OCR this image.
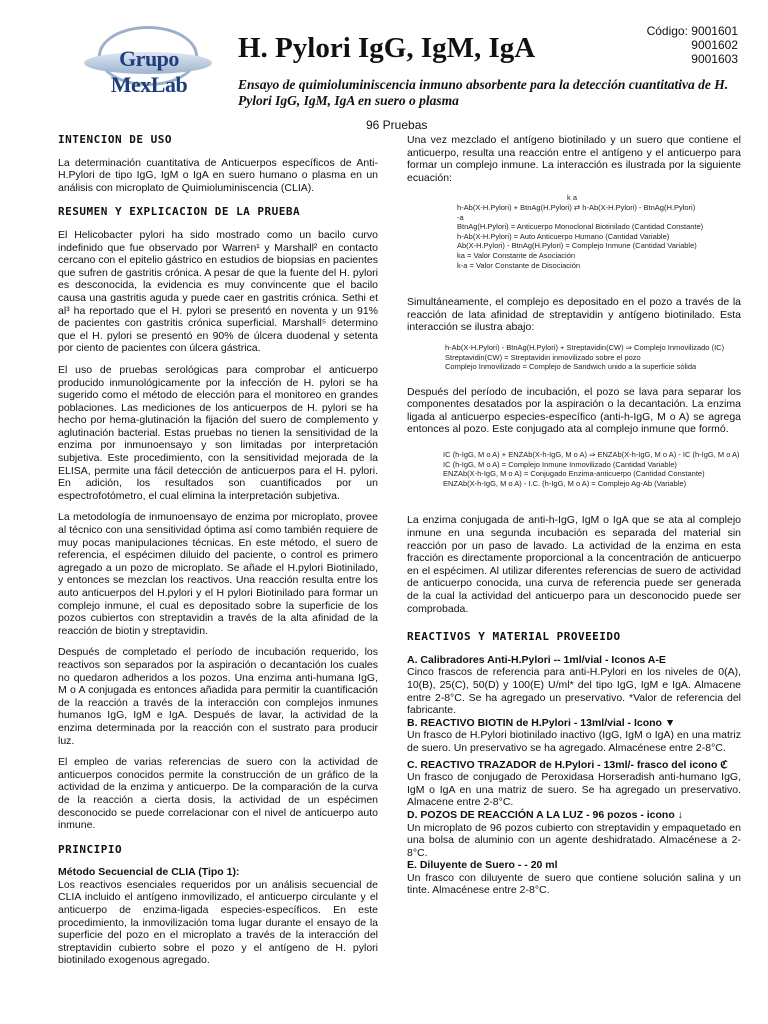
Grupo MexLab
H. Pylori IgG, IgM, IgA
Código: 9001601
9001602
9001603
Ensayo de quimioluminiscencia inmuno absorbente para la detección cuantitativa de H. Pylori IgG, IgM, IgA en suero o plasma
96 Pruebas
INTENCION DE USO

La determinación cuantitativa de Anticuerpos específicos de Anti-H.Pylori de tipo IgG, IgM o IgA en suero humano o plasma en un análisis con microplato de Quimioluminiscencia (CLIA).

RESUMEN Y EXPLICACION DE LA PRUEBA

El Helicobacter pylori ha sido mostrado como un bacilo curvo indefinido que fue observado por Warren¹ y Marshall² en contacto cercano con el epitelio gástrico en estudios de biopsias en pacientes que sufren de gastritis crónica. A pesar de que la fuente del H. pylori es desconocida, la evidencia es muy convincente que el bacilo causa una gastritis aguda y puede caer en gastritis crónica. Sethi et al³ ha reportado que el H. pylori se presentó en noventa y un 91% de pacientes con gastritis crónica superficial. Marshall⁵ determino que el H. pylori se presentó en 90% de úlcera duodenal y setenta por ciento de pacientes con úlcera gástrica.

El uso de pruebas serológicas para comprobar el anticuerpo producido inmunológicamente por la infección de H. pylori se ha sugerido como el método de elección para el monitoreo en grandes poblaciones. Las mediciones de los anticuerpos de H. pylori se ha hecho por hema-glutinación la fijación del suero de complemento y aglutinación bacterial. Estas pruebas no tienen la sensitividad de la enzima por inmunoensayo y son limitadas por interpretación subjetiva. Este procedimiento, con la sensitividad mejorada de la ELISA, permite una fácil detección de anticuerpos para el H. pylori. En adición, los resultados son cuantificados por un espectrofotómetro, el cual elimina la interpretación subjetiva.

La metodología de inmunoensayo de enzima por microplato, provee al técnico con una sensitividad óptima así como también requiere de muy pocas manipulaciones técnicas. En este método, el suero de referencia, el espécimen diluido del paciente, o control es primero agregado a un pozo de microplato. Se añade el H.pylori Biotinilado, y entonces se mezclan los reactivos. Una reacción resulta entre los auto anticuerpos del H.pylori y el H pylori Biotinilado para formar un complejo inmune, el cual es depositado sobre la superficie de los pozos cubiertos con streptavidin a través de la alta afinidad de la reacción de biotin y streptavidin.

Después de completado el período de incubación requerido, los reactivos son separados por la aspiración o decantación los cuales no quedaron adheridos a los pozos. Una enzima anti-humana IgG, M o A conjugada es entonces añadida para permitir la cuantificación de la reacción a través de la interacción con complejos inmunes humanos IgG, IgM e IgA. Después de lavar, la actividad de la enzima determinada por la reacción con el sustrato para producir luz.

El empleo de varias referencias de suero con la actividad de anticuerpos conocidos permite la construcción de un gráfico de la actividad de la enzima y anticuerpo. De la comparación de la curva de la reacción a cierta dosis, la actividad de un espécimen desconocido se puede correlacionar con el nivel de anticuerpo auto inmune.

PRINCIPIO
Método Secuencial de CLIA (Tipo 1):

Los reactivos esenciales requeridos por un análisis secuencial de CLIA incluido el antígeno inmovilizado, el anticuerpo circulante y el anticuerpo de enzima-ligada especies-específicos. En este procedimiento, la inmovilización toma lugar durante el ensayo de la superficie del pozo en el microplato a través de la interacción del streptavidin cubierto sobre el pozo y el antígeno de H. pylori biotinilado exogenous agregado.

Una vez mezclado el antígeno biotinilado y un suero que contiene el anticuerpo, resulta una reacción entre el antígeno y el anticuerpo para formar un complejo inmune. La interacción es ilustrada por la siguiente ecuación:

k a
h-Ab(X-H.Pylori) + BtnAg(H.Pylori) ⇄ h-Ab(X-H.Pylori) - BtnAg(H.Pylori)
-a
BtnAg(H.Pylori) = Anticuerpo Monoclonal Biotinilado (Cantidad Constante)
h-Ab(X-H.Pylori) = Auto Anticuerpo Humano (Cantidad Variable)
Ab(X-H.Pylori) - BtnAg(H.Pylori) = Complejo Inmune (Cantidad Variable)
ka = Valor Constante de Asociación
k-a = Valor Constante de Disociación

Simultáneamente, el complejo es depositado en el pozo a través de la reacción de lata afinidad de streptavidin y antígeno biotinilado. Esta interacción se ilustra abajo:

h-Ab(X-H.Pylori) - BtnAg(H.Pylori) + Streptavidin(CW) ⇒ Complejo Inmovilizado (IC)
Streptavidin(CW) = Streptavidin inmovilizado sobre el pozo
Complejo Inmovilizado = Complejo de Sandwich unido a la superficie sólida

Después del período de incubación, el pozo se lava para separar los componentes desatados por la aspiración o la decantación. La enzima ligada al anticuerpo especies-específico (anti-h-IgG, M o A) se agrega entonces al pozo. Este conjugado ata al complejo inmune que formó.

IC (h-IgG, M o A) + ENZAb(X-h-IgG, M o A) ⇒ ENZAb(X-h-IgG, M o A) - IC (h-IgG, M o A)
IC (h-IgG, M o A) = Complejo Inmune Inmovilizado (Cantidad Variable)
ENZAb(X-h-IgG, M o A) = Conjugado Enzima-anticuerpo (Cantidad Constante)
ENZAb(X-h-IgG, M o A) - I.C. (h-IgG, M o A) = Complejo Ag-Ab (Variable)

La enzima conjugada de anti-h-IgG, IgM o IgA que se ata al complejo inmune en una segunda incubación es separada del material sin reacción por un paso de lavado. La actividad de la enzima en esta fracción es directamente proporcional a la concentración de anticuerpo en el espécimen. Al utilizar diferentes referencias de suero de actividad de anticuerpo conocida, una curva de referencia puede ser generada de la cual la actividad del anticuerpo para un desconocido puede ser comprobada.

REACTIVOS Y MATERIAL PROVEEIDO
A. Calibradores Anti-H.Pylori -- 1ml/vial - Iconos A-E
Cinco frascos de referencia para anti-H.Pylori en los niveles de 0(A), 10(B), 25(C), 50(D) y 100(E) U/ml* del tipo IgG, IgM e IgA. Almacene entre 2-8°C. Se ha agregado un preservativo. *Valor de referencia del fabricante.
B. REACTIVO BIOTIN de H.Pylori - 13ml/vial - Icono ▼
Un frasco de H.Pylori biotinilado inactivo (IgG, IgM o IgA) en una matriz de suero. Un preservativo se ha agregado. Almacénese entre 2-8°C.
C. REACTIVO TRAZADOR de H.Pylori - 13ml/- frasco del icono ℭ
Un frasco de conjugado de Peroxidasa Horseradish anti-humano IgG, IgM o IgA en una matriz de suero. Se ha agregado un preservativo. Almacene entre 2-8°C.
D. POZOS DE REACCIÓN A LA LUZ - 96 pozos - icono ↓
Un microplato de 96 pozos cubierto con streptavidin y empaquetado en una bolsa de aluminio con un agente deshidratado. Almacénese a 2-8°C.
E. Diluyente de Suero - - 20 ml
Un frasco con diluyente de suero que contiene solución salina y un tinte. Almacénese entre 2-8°C.
